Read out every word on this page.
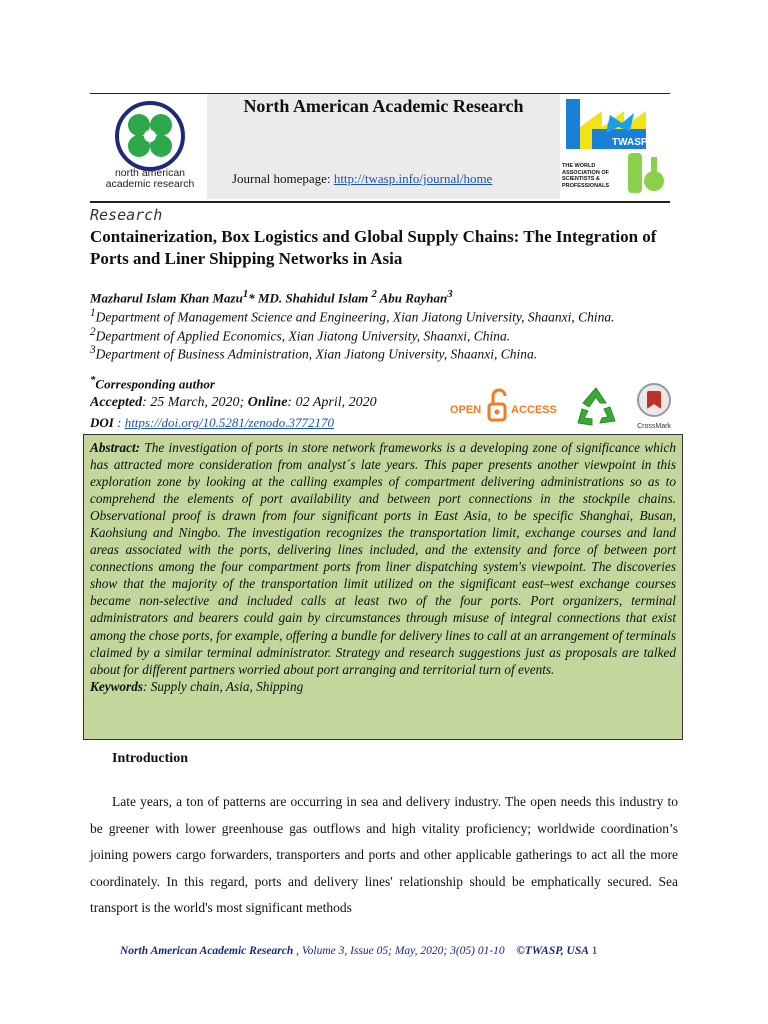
north american
academic research
North American Academic Research
Journal homepage: http://twasp.info/journal/home
TWASP
THE WORLD
ASSOCIATION OF
SCIENTISTS &
PROFESSIONALS
Research
Containerization, Box Logistics and Global Supply Chains: The Integration of Ports and Liner Shipping Networks in Asia
Mazharul Islam Khan Mazu$^1$* MD. Shahidul Islam $^2$ Abu Rayhan$^3$
$^1$Department of Management Science and Engineering, Xian Jiatong University, Shaanxi, China.
$^2$Department of Applied Economics, Xian Jiatong University, Shaanxi, China.
$^3$Department of Business Administration, Xian Jiatong University, Shaanxi, China.
*Corresponding author
Accepted: 25 March, 2020; Online: 02 April, 2020
DOI : https://doi.org/10.5281/zenodo.3772170
OPEN	ACCESS
CrossMark
Abstract: The investigation of ports in store network frameworks is a developing zone of significance which has attracted more consideration from analyst´s late years. This paper presents another viewpoint in this exploration zone by looking at the calling examples of compartment delivering administrations so as to comprehend the elements of port availability and between port connections in the stockpile chains. Observational proof is drawn from four significant ports in East Asia, to be specific Shanghai, Busan, Kaohsiung and Ningbo. The investigation recognizes the transportation limit, exchange courses and land areas associated with the ports, delivering lines included, and the extensity and force of between port connections among the four compartment ports from liner dispatching system's viewpoint. The discoveries show that the majority of the transportation limit utilized on the significant east–west exchange courses became non-selective and included calls at least two of the four ports. Port organizers, terminal administrators and bearers could gain by circumstances through misuse of integral connections that exist among the chose ports, for example, offering a bundle for delivery lines to call at an arrangement of terminals claimed by a similar terminal administrator. Strategy and research suggestions just as proposals are talked about for different partners worried about port arranging and territorial turn of events.
Keywords: Supply chain, Asia, Shipping
Introduction
Late years, a ton of patterns are occurring in sea and delivery industry. The open needs this industry to be greener with lower greenhouse gas outflows and high vitality proficiency; worldwide coordination’s joining powers cargo forwarders, transporters and ports and other applicable gatherings to act all the more coordinately. In this regard, ports and delivery lines' relationship should be emphatically secured. Sea transport is the world's most significant methods
North American Academic Research , Volume 3, Issue 05; May, 2020; 3(05) 01-10 ©TWASP, USA 1
